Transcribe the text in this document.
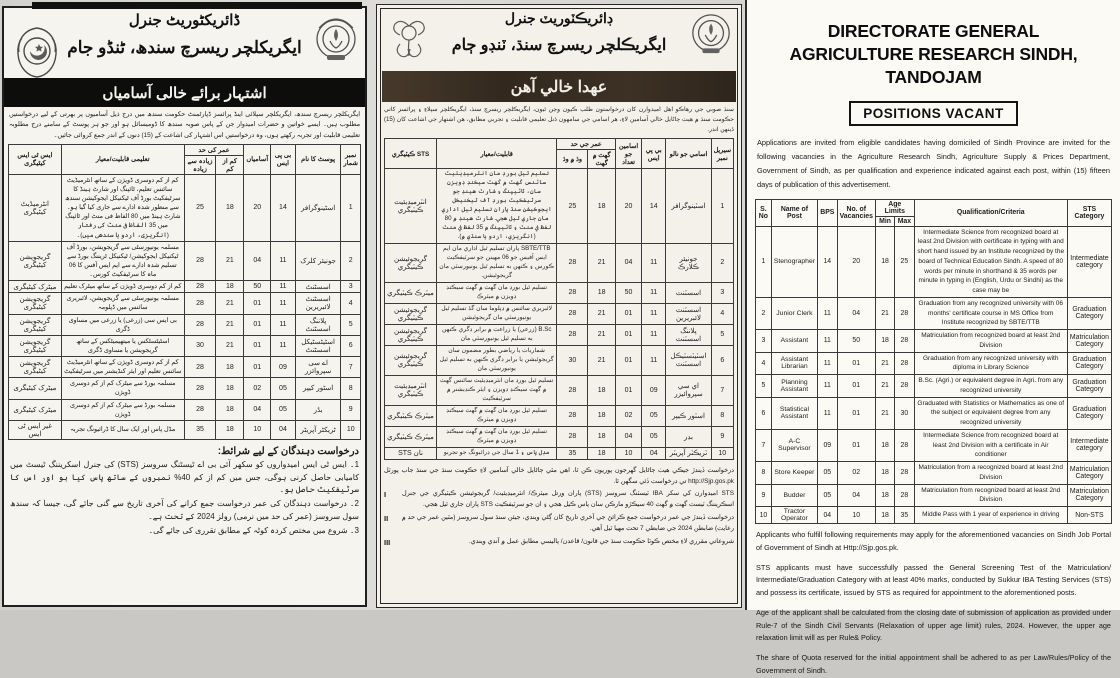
ڈائریکٹوریٹ جنرل
ایگریکلچر ریسرچ سندھ، ٹنڈو جام
اشتہار برائے خالی آسامیاں
ایگریکلچر ریسرچ سندھ، ایگریکلچر سپلائی اینڈ پرائسز ڈپارٹمنٹ حکومت سندھ میں درج ذیل آسامیوں پر بھرتی کے لیے درخواستیں مطلوب ہیں۔ ایسے خواتین و حضرات امیدوار جن کے پاس صوبہ سندھ کا ڈومیسائل ہو اور جو ہر پوسٹ کے سامنے درج مطلوبہ تعلیمی قابلیت اور تجربہ رکھتے ہوں، وہ درخواستیں اس اشتہار کی اشاعت کے (15) دنوں کے اندر جمع کروائی جائیں۔
نمبر شمار	پوسٹ کا نام	بی پی ایس	آسامیاں	عمر کی حد		تعلیمی قابلیت/معیار	ایس ٹی ایس کیٹیگری
				کم از کم	زیادہ سے زیادہ		
1	اسٹینوگرافر	14	20	18	25	کم از کم دوسری ڈویژن کے ساتھ انٹرمیڈیٹ سائنس تعلیم، ٹائپنگ اور شارٹ ہینڈ کا سرٹیفکیٹ بورڈ آف ٹیکنیکل ایجوکیشن سندھ سے منظور شدہ ادارے سے جاری کیا گیا ہو۔ شارٹ ہینڈ میں 80 الفاظ فی منٹ اور ٹائپنگ میں 35 الفاظ فی منٹ کی رفتار (انگریزی، اردو یا سندھی میں)۔	انٹرمیڈیٹ کیٹیگری
2	جونیئر کلرک	11	04	21	28	مسلمہ یونیورسٹی سے گریجویشن، بورڈ آف ٹیکنیکل ایجوکیشن/ ٹیکنیکل ٹریننگ بورڈ سے تسلیم شدہ ادارے سے ایم ایس آفس کا 06 ماہ کا سرٹیفکیٹ کورس۔	گریجویشن کیٹیگری
3	اسسٹنٹ	11	50	18	28	کم از کم دوسری ڈویژن کے ساتھ میٹرک تعلیم	میٹرک کیٹیگری
4	اسسٹنٹ لائبریرین	11	01	21	28	مسلمہ یونیورسٹی سے گریجویشن، لائبریری سائنس میں ڈپلومہ	گریجویشن کیٹیگری
5	پلاننگ اسسٹنٹ	11	01	21	28	بی ایس سی (زرعی) یا زرعی میں مساوی ڈگری	گریجویشن کیٹیگری
6	اسٹیٹسٹیکل اسسٹنٹ	11	01	21	30	اسٹیٹسٹکس یا میتھیمیٹکس کے ساتھ گریجویشن یا مساوی ڈگری	گریجویشن کیٹیگری
7	اے سی سپروائزر	09	01	18	28	کم از کم دوسری ڈویژن کے ساتھ انٹرمیڈیٹ سائنس تعلیم اور ایئر کنڈیشنر میں سرٹیفکیٹ	گریجویشن کیٹیگری
8	اسٹور کیپر	05	02	18	28	مسلمہ بورڈ سے میٹرک کم از کم دوسری ڈویژن	میٹرک کیٹیگری
9	بڈر	05	04	18	28	مسلمہ بورڈ سے میٹرک کم از کم دوسری ڈویژن	میٹرک کیٹیگری
10	ٹریکٹر آپریٹر	04	10	18	35	مڈل پاس اور ایک سال کا ڈرائیونگ تجربہ	غیر ایس ٹی ایس
درخواست دہندگان کے لیے شرائط:
1۔ ایس ٹی ایس امیدواروں کو سکھر آئی بی اے ٹیسٹنگ سروسز (STS) کی جنرل اسکریننگ ٹیسٹ میں کامیابی حاصل کرنی ہوگی، جس میں کم از کم 40% نمبروں کے ساتھ پاس کیا ہو اور اس کا سرٹیفکیٹ حاصل ہو۔
2۔ درخواست دہندگان کی عمر درخواست جمع کرانے کی آخری تاریخ سے گنی جائے گی، جیسا کہ سندھ سول سروسز (عمر کی حد میں نرمی) رولز 2024 کے تحت ہے۔
3۔ شروع میں مختص کردہ کوٹہ کے مطابق تقرری کی جائے گی۔
ڊائريڪٽوريٽ جنرل
ايگريڪلچر ريسرچ سنڌ، ٽنڊو ڄام
عهدا خالي آهن
سنڌ صوبي جي رهاڪو اهل اميدوارن کان درخواستون طلب ڪيون وڃن ٿيون، ايگريڪلچر ريسرچ سنڌ، ايگريڪلچر سپلاءِ ۽ پرائسز کاتي حڪومت سنڌ ۾ هيٺ ڄاڻايل خالي آسامين لاءِ، هر اسامي جي سامهون ڏنل تعليمي قابليت ۽ تجربي مطابق، هن اشتهار جي اشاعت کان (15) ڏينهن اندر.
سيريل نمبر	اسامي جو نالو	بي پي ايس	اسامين جو تعداد	عمر جي حد		قابليت/معيار	STS ڪيٽيگري
				گهٽ ۾ گهٽ	وڌ ۾ وڌ		
1	اسٽينوگرافر	14	20	18	25	تسليم ٿيل بورڊ مان انٽرميڊيئيٽ سائنس گهٽ ۾ گهٽ سيڪنڊ ڊويزن سان، ٽائيپنگ ۽ شارٽ هينڊ جو سرٽيفڪيٽ بورڊ آف ٽيڪنيڪل ايجوڪيشن سنڌ پاران تسليم ٿيل اداري مان جاري ٿيل هجي. شارٽ هينڊ ۾ 80 لفظ في منٽ ۽ ٽائيپنگ ۾ 35 لفظ في منٽ (انگريزي، اردو يا سنڌي ۾).	انٽرميڊيئيٽ ڪيٽيگري
2	جونيئر ڪلارڪ	11	04	21	28	SBTE/TTB پاران تسليم ٿيل اداري مان ايم ايس آفيس جو 06 مهينن جو سرٽيفڪيٽ ڪورس ۽ ڪنهن به تسليم ٿيل يونيورسٽي مان گريجوئيشن.	گريجوئيشن ڪيٽيگري
3	اسسٽنٽ	11	50	18	28	تسليم ٿيل بورڊ مان گهٽ ۾ گهٽ سيڪنڊ ڊويزن ۾ ميٽرڪ	ميٽرڪ ڪيٽيگري
4	اسسٽنٽ لائبريرين	11	01	21	28	لائبريري سائنس ۾ ڊپلوما سان گڏ تسليم ٿيل يونيورسٽي مان گريجوئيشن	گريجوئيشن ڪيٽيگري
5	پلاننگ اسسٽنٽ	11	01	21	28	B.Sc (زرعي) يا زراعت ۾ برابر ڊگري ڪنهن به تسليم ٿيل يونيورسٽي مان	گريجوئيشن ڪيٽيگري
6	اسٽيٽسٽيڪل اسسٽنٽ	11	01	21	30	شماريات يا رياضي بطور مضمون سان گريجوئيشن يا برابر ڊگري ڪنهن به تسليم ٿيل يونيورسٽي مان	گريجوئيشن ڪيٽيگري
7	اي سي سپروائيزر	09	01	18	28	تسليم ٿيل بورڊ مان انٽرميڊيئيٽ سائنس گهٽ ۾ گهٽ سيڪنڊ ڊويزن ۽ ايئر ڪنڊيشنر ۾ سرٽيفڪيٽ	انٽرميڊيئيٽ ڪيٽيگري
8	اسٽور ڪيپر	05	02	18	28	تسليم ٿيل بورڊ مان گهٽ ۾ گهٽ سيڪنڊ ڊويزن ۾ ميٽرڪ	ميٽرڪ ڪيٽيگري
9	بڊر	05	04	18	28	تسليم ٿيل بورڊ مان گهٽ ۾ گهٽ سيڪنڊ ڊويزن ۾ ميٽرڪ	ميٽرڪ ڪيٽيگري
10	ٽريڪٽر آپريٽر	04	10	18	35	مڊل پاس ۽ 1 سال جي ڊرائيونگ جو تجربو	نان STS
درخواست ڏيندڙ جيڪي هيٺ ڄاڻايل گهرجون پوريون ڪن ٿا، اهي مٿي ڄاڻايل خالي آسامين لاءِ حڪومت سنڌ جي سنڌ جاب پورٽل http://Sjp.gos.pk تي درخواست ڏئي سگهن ٿا.
I	STS اميدوارن کي سکر IBA ٽيسٽنگ سروسز (STS) پاران ورتل ميٽرڪ/ انٽرميڊيئيٽ/ گريجوئيشن ڪيٽيگري جي جنرل اسڪريننگ ٽيسٽ گهٽ ۾ گهٽ 40 سيڪڙو مارڪن سان پاس ڪيل هجي ۽ ان جو سرٽيفڪيٽ STS پاران جاري ٿيل هجي.
II	درخواست ڏيندڙ جي عمر درخواست جمع ڪرائڻ جي آخري تاريخ کان ڳڻي ويندي، جيئن سنڌ سول سروسز (مٿين عمر جي حد ۾ رعايت) ضابطن 2024 جي ضابطي 7 تحت مهيا ٿيل آهي.
III	شروعاتي مقرري لاءِ مختص ڪوٽا حڪومت سنڌ جي قانون/ قاعدن/ پاليسي مطابق عمل ۾ آندي ويندي.
DIRECTORATE GENERAL
AGRICULTURE RESEARCH SINDH, TANDOJAM
POSITIONS VACANT
Applications are invited from eligible candidates having domiciled of Sindh Province are invited for the following vacancies in the Agriculture Research Sindh, Agriculture Supply & Prices Department, Government of Sindh, as per qualification and experience indicated against each post, within (15) fifteen days of publication of this advertisement.
S. No	Name of Post	BPS	No. of Vacancies	Age Limits		Qualification/Criteria	STS Category
				Min	Max		
1	Stenographer	14	20	18	25	Intermediate Science from recognized board at least 2nd Division with certificate in typing with and short hand issued by an Institute recognized by the board of Technical Education Sindh. A speed of 80 words per minute in shorthand & 35 words per minute in typing in (English, Urdu or Sindhi) as the case may be	Intermediate category
2	Junior Clerk	11	04	21	28	Graduation from any recognized university with 06 months' certificate course in MS Office from Institute recognized by SBTE/TTB	Graduation Category
3	Assistant	11	50	18	28	Matriculation from recognized board at least 2nd Division	Matriculation Category
4	Assistant Librarian	11	01	21	28	Graduation from any recognized university with diploma in Library Science	Graduation Category
5	Planning Assistant	11	01	21	28	B.Sc. (Agri.) or equivalent degree in Agri. from any recognized university	Graduation Category
6	Statistical Assistant	11	01	21	30	Graduated with Statistics or Mathematics as one of the subject or equivalent degree from any recognized university	Graduation Category
7	A-C Supervisor	09	01	18	28	Intermediate Science from recognized board at least 2nd Division with a certificate in Air conditioner	Intermediate category
8	Store Keeper	05	02	18	28	Matriculation from a recognized board at least 2nd Division	Matriculation Category
9	Budder	05	04	18	28	Matriculation from recognized board at least 2nd Division	Matriculation Category
10	Tractor Operator	04	10	18	35	Middle Pass with 1 year of experience in driving	Non-STS
Applicants who fulfill following requirements may apply for the aforementioned vacancies on Sindh Job Portal of Government of Sindh at Http://Sjp.gos.pk.
STS applicants must have successfully passed the General Screening Test of the Matriculation/ Intermediate/Graduation Category with at least 40% marks, conducted by Sukkur IBA Testing Services (STS) and possess its certificate, issued by STS as required for appointment to the aforementioned posts.
Age of the applicant shall be calculated from the closing date of submission of application as provided under Rule-7 of the Sindh Civil Servants (Relaxation of upper age limit) rules, 2024. However, the upper age relaxation limit will as per Rule& Policy.
The share of Quota reserved for the initial appointment shall be adhered to as per Law/Rules/Policy of the Government of Sindh.
